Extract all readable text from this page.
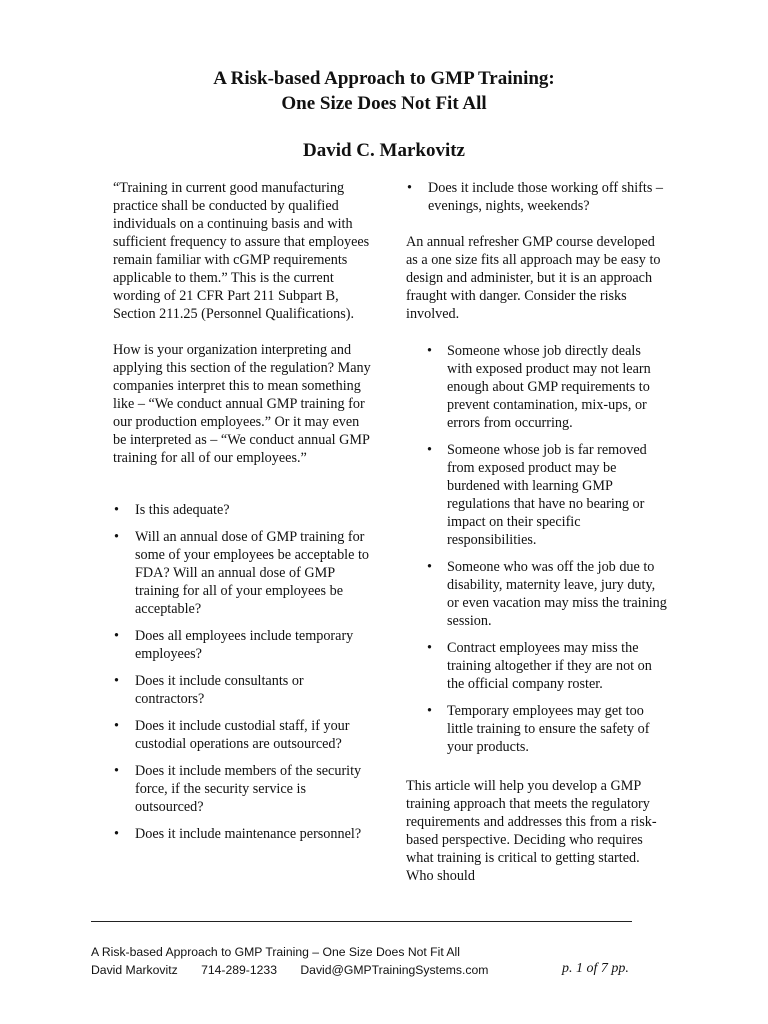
A Risk-based Approach to GMP Training:
One Size Does Not Fit All
David C. Markovitz

“Training in current good manufacturing practice shall be conducted by qualified individuals on a continuing basis and with sufficient frequency to assure that employees remain familiar with cGMP requirements applicable to them.” This is the current wording of 21 CFR Part 211 Subpart B, Section 211.25 (Personnel Qualifications).

How is your organization interpreting and applying this section of the regulation? Many companies interpret this to mean something like – “We conduct annual GMP training for our production employees.” Or it may even be interpreted as – “We conduct annual GMP training for all of our employees.”

• Is this adequate?
• Will an annual dose of GMP training for some of your employees be acceptable to FDA? Will an annual dose of GMP training for all of your employees be acceptable?
• Does all employees include temporary employees?
• Does it include consultants or contractors?
• Does it include custodial staff, if your custodial operations are outsourced?
• Does it include members of the security force, if the security service is outsourced?
• Does it include maintenance personnel?
• Does it include those working off shifts – evenings, nights, weekends?

An annual refresher GMP course developed as a one size fits all approach may be easy to design and administer, but it is an approach fraught with danger. Consider the risks involved.

• Someone whose job directly deals with exposed product may not learn enough about GMP requirements to prevent contamination, mix-ups, or errors from occurring.
• Someone whose job is far removed from exposed product may be burdened with learning GMP regulations that have no bearing or impact on their specific responsibilities.
• Someone who was off the job due to disability, maternity leave, jury duty, or even vacation may miss the training session.
• Contract employees may miss the training altogether if they are not on the official company roster.
• Temporary employees may get too little training to ensure the safety of your products.

This article will help you develop a GMP training approach that meets the regulatory requirements and addresses this from a risk-based perspective. Deciding who requires what training is critical to getting started. Who should

A Risk-based Approach to GMP Training – One Size Does Not Fit All
David Markovitz 714-289-1233 David@GMPTrainingSystems.com	p. 1 of 7 pp.
